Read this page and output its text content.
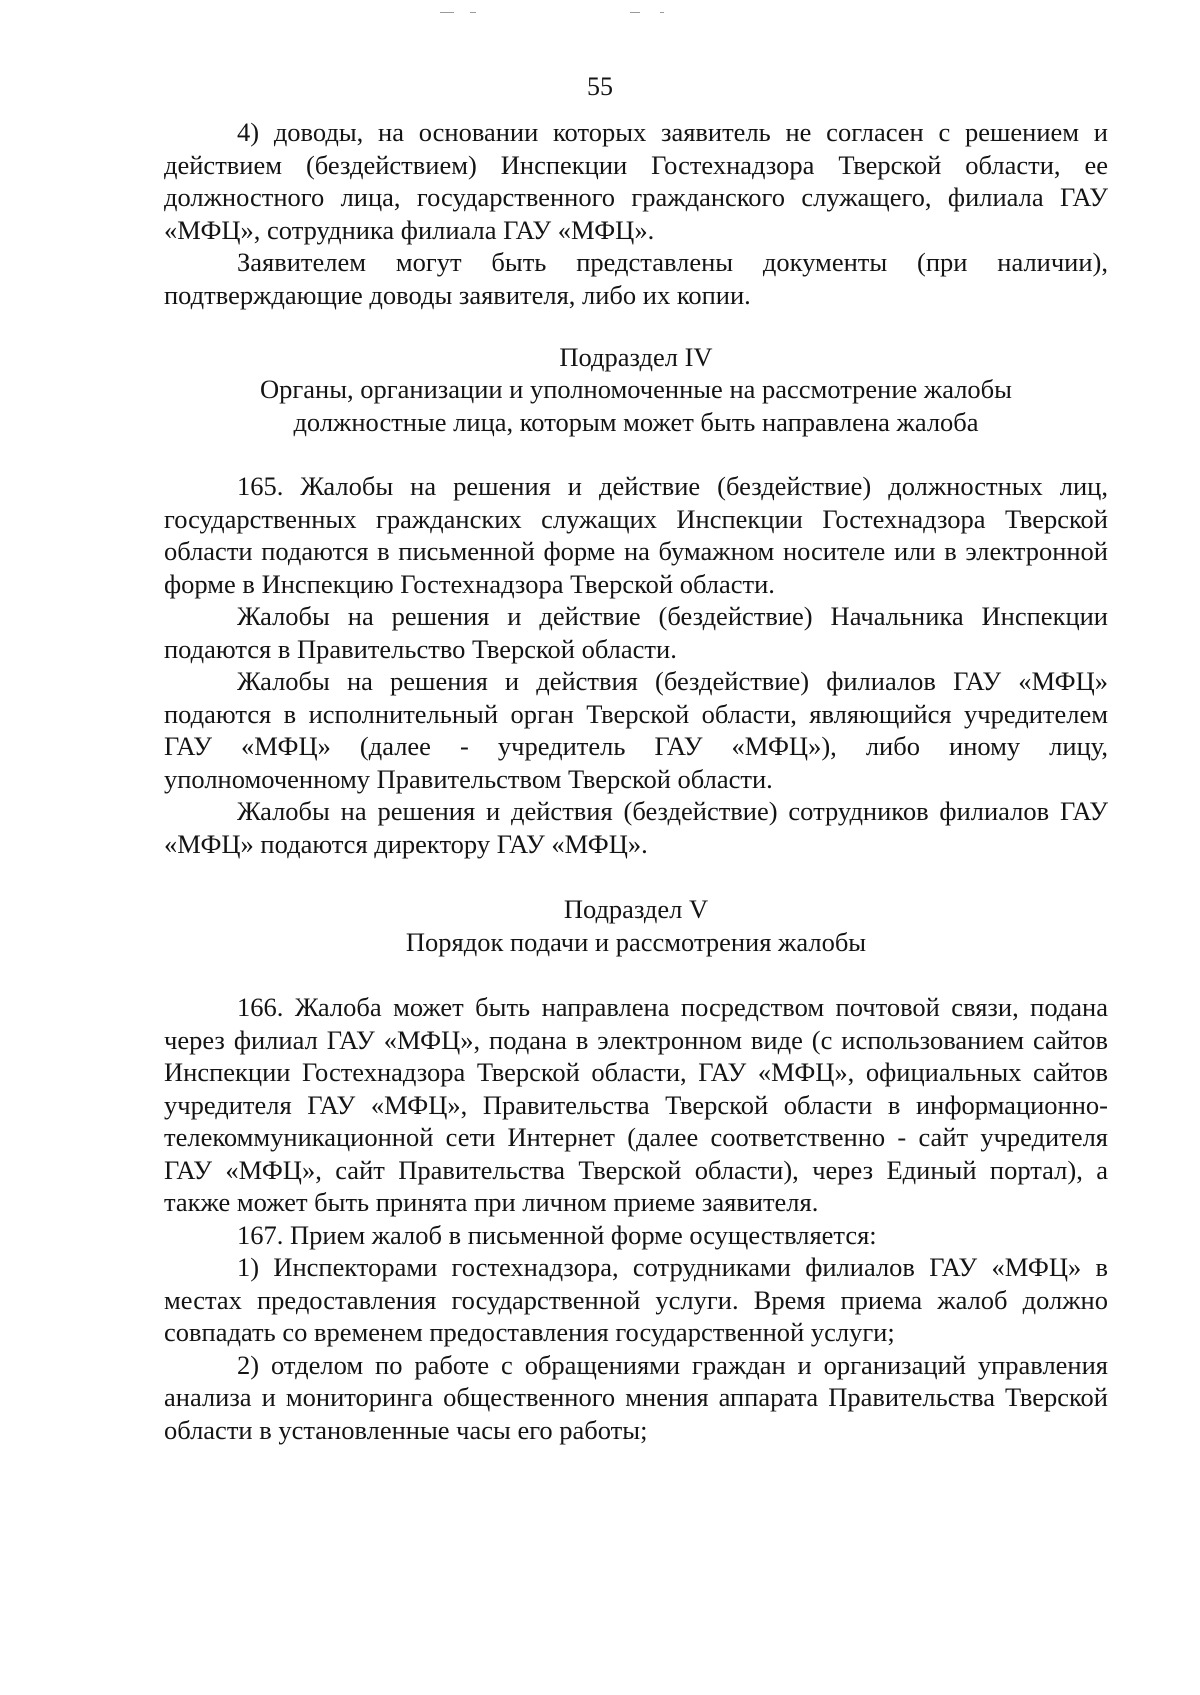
55

4) доводы, на основании которых заявитель не согласен с решением и действием (бездействием) Инспекции Гостехнадзора Тверской области, ее должностного лица, государственного гражданского служащего, филиала ГАУ «МФЦ», сотрудника филиала ГАУ «МФЦ».

Заявителем могут быть представлены документы (при наличии), подтверждающие доводы заявителя, либо их копии.

Подраздел IV

Органы, организации и уполномоченные на рассмотрение жалобы

должностные лица, которым может быть направлена жалоба

165. Жалобы на решения и действие (бездействие) должностных лиц, государственных гражданских служащих Инспекции Гостехнадзора Тверской области подаются в письменной форме на бумажном носителе или в электронной форме в Инспекцию Гостехнадзора Тверской области.

Жалобы на решения и действие (бездействие) Начальника Инспекции подаются в Правительство Тверской области.

Жалобы на решения и действия (бездействие) филиалов ГАУ «МФЦ» подаются в исполнительный орган Тверской области, являющийся учредителем ГАУ «МФЦ» (далее - учредитель ГАУ «МФЦ»), либо иному лицу, уполномоченному Правительством Тверской области.

Жалобы на решения и действия (бездействие) сотрудников филиалов ГАУ «МФЦ» подаются директору ГАУ «МФЦ».

Подраздел V

Порядок подачи и рассмотрения жалобы

166. Жалоба может быть направлена посредством почтовой связи, подана через филиал ГАУ «МФЦ», подана в электронном виде (с использованием сайтов Инспекции Гостехнадзора Тверской области, ГАУ «МФЦ», официальных сайтов учредителя ГАУ «МФЦ», Правительства Тверской области в информационно-телекоммуникационной сети Интернет (далее соответственно - сайт учредителя ГАУ «МФЦ», сайт Правительства Тверской области), через Единый портал), а также может быть принята при личном приеме заявителя.

167. Прием жалоб в письменной форме осуществляется:

1) Инспекторами гостехнадзора, сотрудниками филиалов ГАУ «МФЦ» в местах предоставления государственной услуги. Время приема жалоб должно совпадать со временем предоставления государственной услуги;

2) отделом по работе с обращениями граждан и организаций управления анализа и мониторинга общественного мнения аппарата Правительства Тверской области в установленные часы его работы;
